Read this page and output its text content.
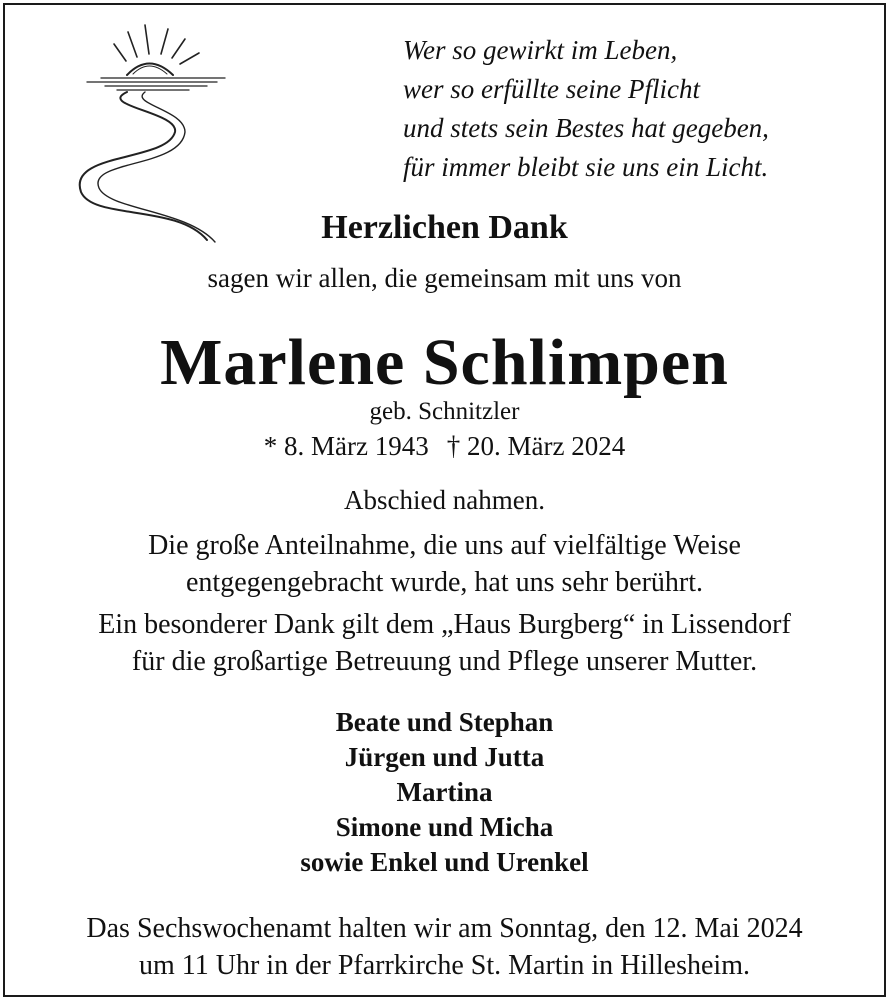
Wer so gewirkt im Leben,
wer so erfüllte seine Pflicht
und stets sein Bestes hat gegeben,
für immer bleibt sie uns ein Licht.
Herzlichen Dank
sagen wir allen, die gemeinsam mit uns von
Marlene Schlimpen
geb. Schnitzler
* 8. März 1943 † 20. März 2024
Abschied nahmen.
Die große Anteilnahme, die uns auf vielfältige Weise
entgegengebracht wurde, hat uns sehr berührt.
Ein besonderer Dank gilt dem „Haus Burgberg“ in Lissendorf
für die großartige Betreuung und Pflege unserer Mutter.
Beate und Stephan
Jürgen und Jutta
Martina
Simone und Micha
sowie Enkel und Urenkel
Das Sechswochenamt halten wir am Sonntag, den 12. Mai 2024
um 11 Uhr in der Pfarrkirche St. Martin in Hillesheim.
